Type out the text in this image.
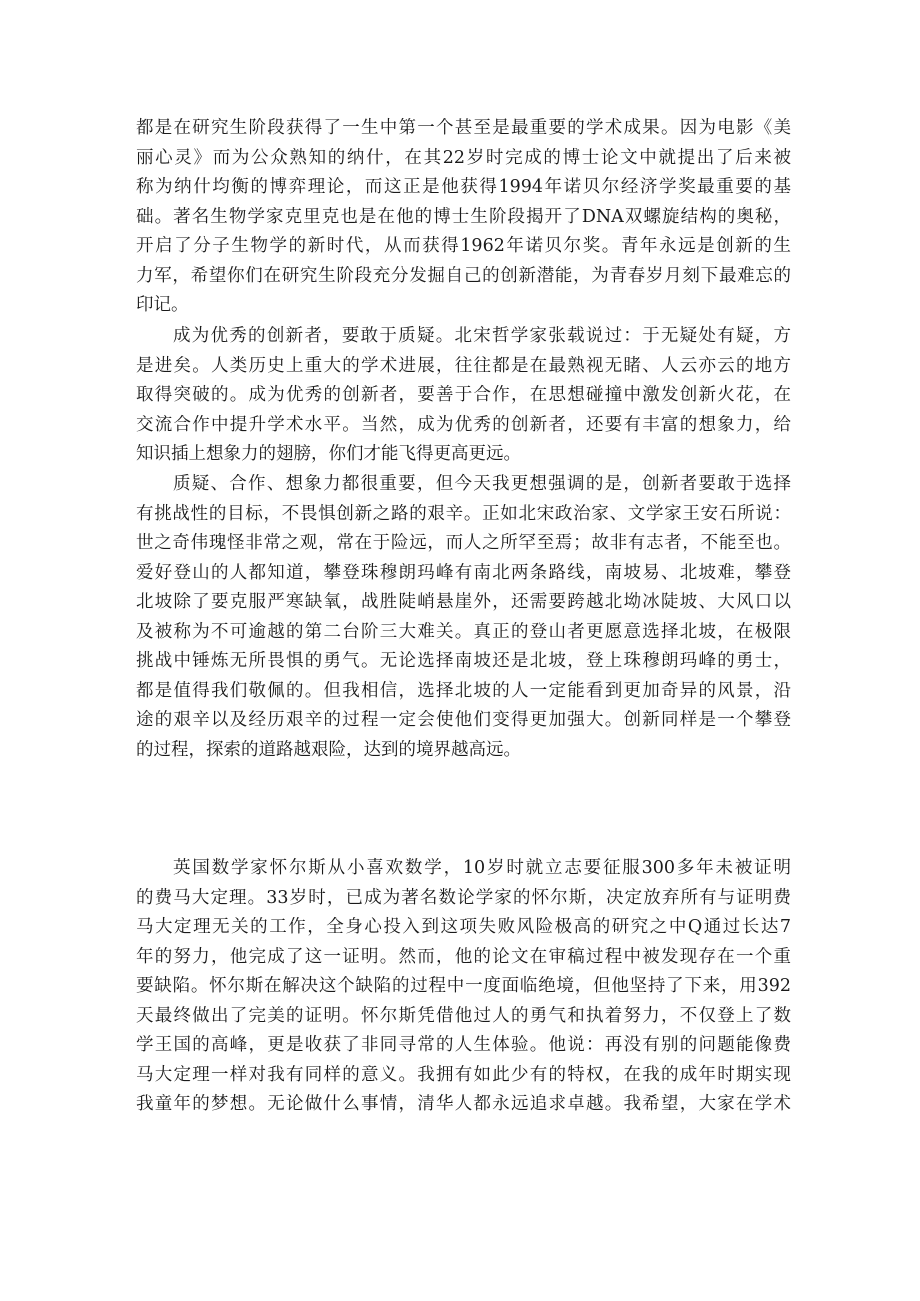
都是在研究生阶段获得了一生中第一个甚至是最重要的学术成果。因为电影《美
丽心灵》而为公众熟知的纳什，在其22岁时完成的博士论文中就提出了后来被
称为纳什均衡的博弈理论，而这正是他获得1994年诺贝尔经济学奖最重要的基
础。著名生物学家克里克也是在他的博士生阶段揭开了DNA双螺旋结构的奥秘，
开启了分子生物学的新时代，从而获得1962年诺贝尔奖。青年永远是创新的生
力军，希望你们在研究生阶段充分发掘自己的创新潜能，为青春岁月刻下最难忘的
印记。
成为优秀的创新者，要敢于质疑。北宋哲学家张载说过：于无疑处有疑，方
是进矣。人类历史上重大的学术进展，往往都是在最熟视无睹、人云亦云的地方
取得突破的。成为优秀的创新者，要善于合作，在思想碰撞中激发创新火花，在
交流合作中提升学术水平。当然，成为优秀的创新者，还要有丰富的想象力，给
知识插上想象力的翅膀，你们才能飞得更高更远。
质疑、合作、想象力都很重要，但今天我更想强调的是，创新者要敢于选择
有挑战性的目标，不畏惧创新之路的艰辛。正如北宋政治家、文学家王安石所说：
世之奇伟瑰怪非常之观，常在于险远，而人之所罕至焉；故非有志者，不能至也。
爱好登山的人都知道，攀登珠穆朗玛峰有南北两条路线，南坡易、北坡难，攀登
北坡除了要克服严寒缺氧，战胜陡峭悬崖外，还需要跨越北坳冰陡坡、大风口以
及被称为不可逾越的第二台阶三大难关。真正的登山者更愿意选择北坡，在极限
挑战中锤炼无所畏惧的勇气。无论选择南坡还是北坡，登上珠穆朗玛峰的勇士，
都是值得我们敬佩的。但我相信，选择北坡的人一定能看到更加奇异的风景，沿
途的艰辛以及经历艰辛的过程一定会使他们变得更加强大。创新同样是一个攀登
的过程，探索的道路越艰险，达到的境界越高远。
英国数学家怀尔斯从小喜欢数学，10岁时就立志要征服300多年未被证明
的费马大定理。33岁时，已成为著名数论学家的怀尔斯，决定放弃所有与证明费
马大定理无关的工作，全身心投入到这项失败风险极高的研究之中Q通过长达7
年的努力，他完成了这一证明。然而，他的论文在审稿过程中被发现存在一个重
要缺陷。怀尔斯在解决这个缺陷的过程中一度面临绝境，但他坚持了下来，用392
天最终做出了完美的证明。怀尔斯凭借他过人的勇气和执着努力，不仅登上了数
学王国的高峰，更是收获了非同寻常的人生体验。他说：再没有别的问题能像费
马大定理一样对我有同样的意义。我拥有如此少有的特权，在我的成年时期实现
我童年的梦想。无论做什么事情，清华人都永远追求卓越。我希望，大家在学术
